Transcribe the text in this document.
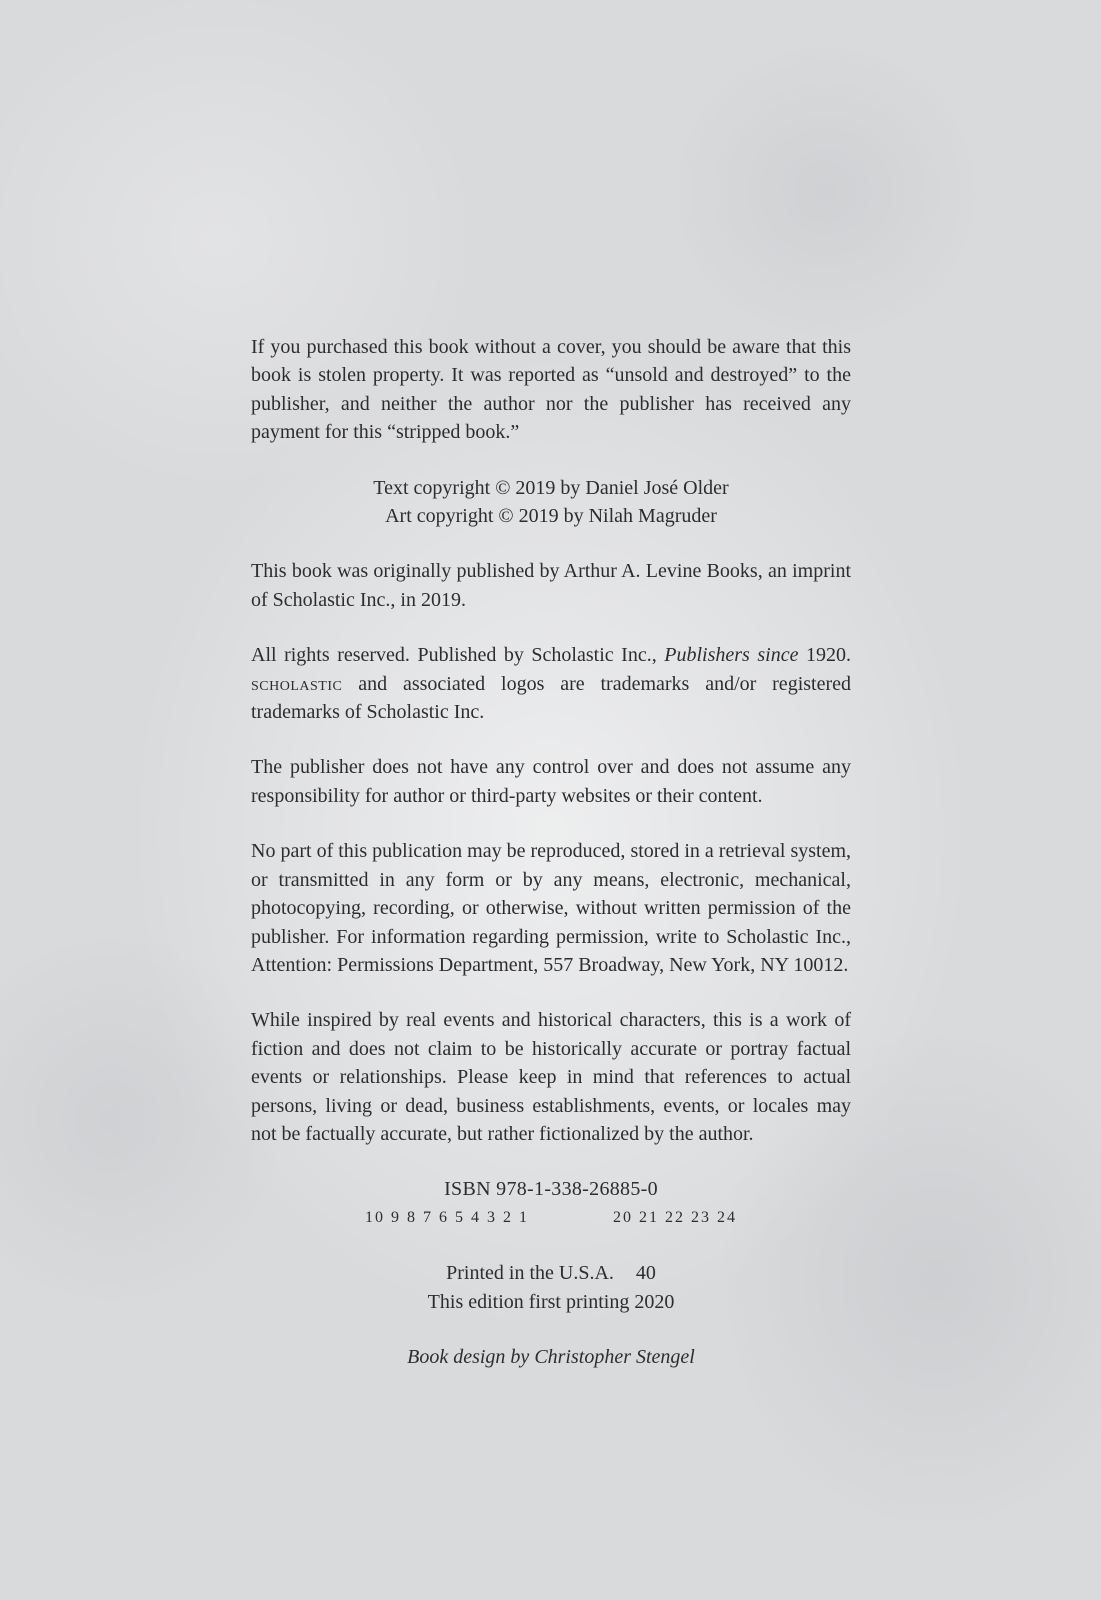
If you purchased this book without a cover, you should be aware that this book is stolen property. It was reported as “unsold and destroyed” to the publisher, and neither the author nor the publisher has received any payment for this “stripped book.”

Text copyright © 2019 by Daniel José Older
Art copyright © 2019 by Nilah Magruder

This book was originally published by Arthur A. Levine Books, an imprint of Scholastic Inc., in 2019.

All rights reserved. Published by Scholastic Inc., Publishers since 1920. scholastic and associated logos are trademarks and/or registered trademarks of Scholastic Inc.

The publisher does not have any control over and does not assume any responsibility for author or third-party websites or their content.

No part of this publication may be reproduced, stored in a retrieval system, or transmitted in any form or by any means, electronic, mechanical, photocopying, recording, or otherwise, without written permission of the publisher. For information regarding permission, write to Scholastic Inc., Attention: Permissions Department, 557 Broadway, New York, NY 10012.

While inspired by real events and historical characters, this is a work of fiction and does not claim to be historically accurate or portray factual events or relationships. Please keep in mind that references to actual persons, living or dead, business establishments, events, or locales may not be factually accurate, but rather fictionalized by the author.

ISBN 978-1-338-26885-0
10 9 8 7 6 5 4 3 2 1	20 21 22 23 24
Printed in the U.S.A. 40
This edition first printing 2020
Book design by Christopher Stengel
